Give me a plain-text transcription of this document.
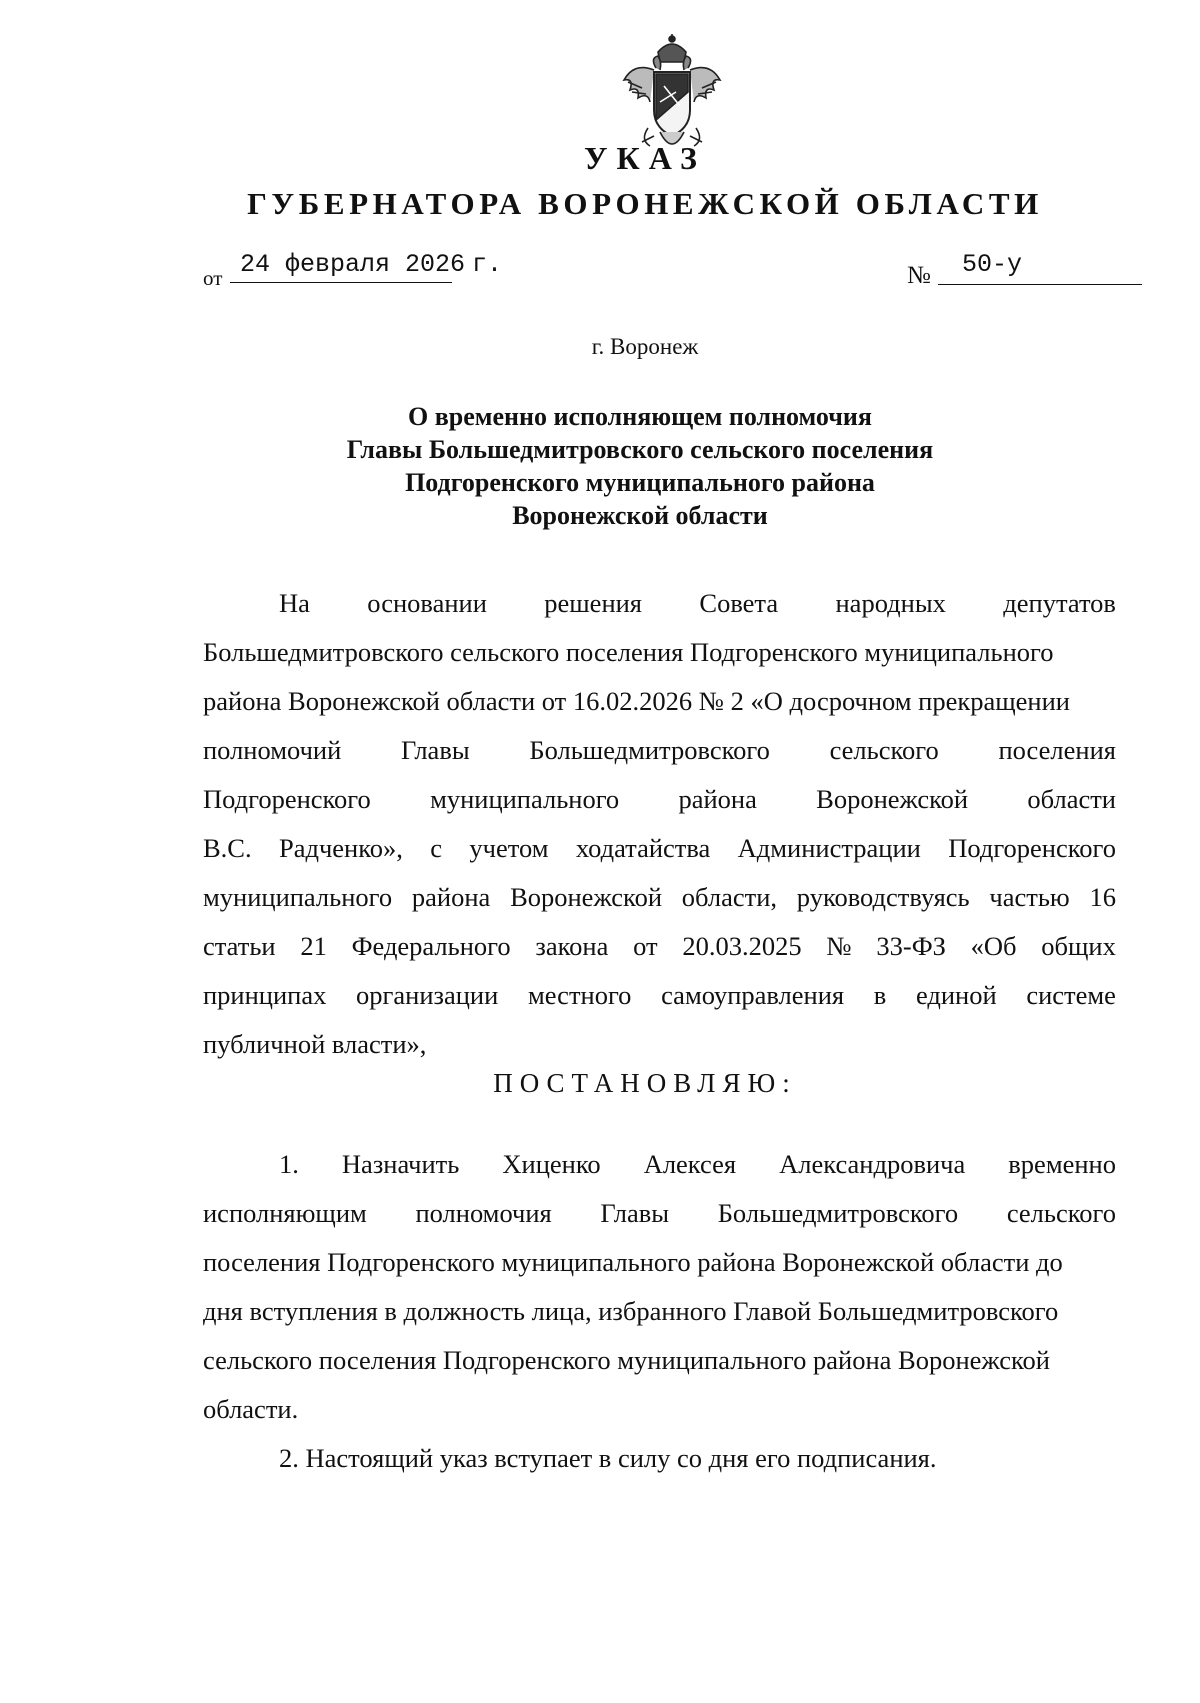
УКАЗ
ГУБЕРНАТОРА ВОРОНЕЖСКОЙ ОБЛАСТИ
от 24 февраля 2026 г.	№ 50-у
г. Воронеж
О временно исполняющем полномочия
Главы Большедмитровского сельского поселения
Подгоренского муниципального района
Воронежской области
На основании решения Совета народных депутатов
Большедмитровского сельского поселения Подгоренского муниципального
района Воронежской области от 16.02.2026 № 2 «О досрочном прекращении
полномочий Главы Большедмитровского сельского поселения
Подгоренского муниципального района Воронежской области
В.С. Радченко», с учетом ходатайства Администрации Подгоренского
муниципального района Воронежской области, руководствуясь частью 16
статьи 21 Федерального закона от 20.03.2025 № 33-ФЗ «Об общих
принципах организации местного самоуправления в единой системе
публичной власти»,
ПОСТАНОВЛЯЮ:
1. Назначить Хиценко Алексея Александровича временно
исполняющим полномочия Главы Большедмитровского сельского
поселения Подгоренского муниципального района Воронежской области до
дня вступления в должность лица, избранного Главой Большедмитровского
сельского поселения Подгоренского муниципального района Воронежской
области.
2. Настоящий указ вступает в силу со дня его подписания.
